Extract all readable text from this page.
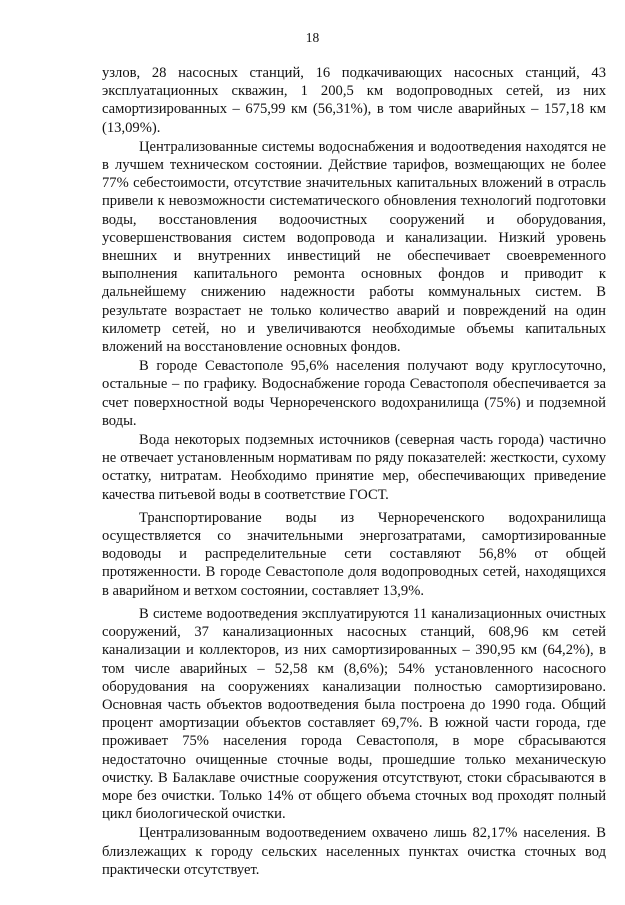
18

узлов, 28 насосных станций, 16 подкачивающих насосных станций, 43 эксплуатационных скважин, 1 200,5 км водопроводных сетей, из них самортизированных – 675,99 км (56,31%), в том числе аварийных – 157,18 км (13,09%).

Централизованные системы водоснабжения и водоотведения находятся не в лучшем техническом состоянии. Действие тарифов, возмещающих не более 77% себестоимости, отсутствие значительных капитальных вложений в отрасль привели к невозможности систематического обновления технологий подготовки воды, восстановления водоочистных сооружений и оборудования, усовершенствования систем водопровода и канализации. Низкий уровень внешних и внутренних инвестиций не обеспечивает своевременного выполнения капитального ремонта основных фондов и приводит к дальнейшему снижению надежности работы коммунальных систем. В результате возрастает не только количество аварий и повреждений на один километр сетей, но и увеличиваются необходимые объемы капитальных вложений на восстановление основных фондов.

В городе Севастополе 95,6% населения получают воду круглосуточно, остальные – по графику. Водоснабжение города Севастополя обеспечивается за счет поверхностной воды Чернореченского водохранилища (75%) и подземной воды.

Вода некоторых подземных источников (северная часть города) частично не отвечает установленным нормативам по ряду показателей: жесткости, сухому остатку, нитратам. Необходимо принятие мер, обеспечивающих приведение качества питьевой воды в соответствие ГОСТ.

Транспортирование воды из Чернореченского водохранилища осуществляется со значительными энергозатратами, самортизированные водоводы и распределительные сети составляют 56,8% от общей протяженности. В городе Севастополе доля водопроводных сетей, находящихся в аварийном и ветхом состоянии, составляет 13,9%.

В системе водоотведения эксплуатируются 11 канализационных очистных сооружений, 37 канализационных насосных станций, 608,96 км сетей канализации и коллекторов, из них самортизированных – 390,95 км (64,2%), в том числе аварийных – 52,58 км (8,6%); 54% установленного насосного оборудования на сооружениях канализации полностью самортизировано. Основная часть объектов водоотведения была построена до 1990 года. Общий процент амортизации объектов составляет 69,7%. В южной части города, где проживает 75% населения города Севастополя, в море сбрасываются недостаточно очищенные сточные воды, прошедшие только механическую очистку. В Балаклаве очистные сооружения отсутствуют, стоки сбрасываются в море без очистки. Только 14% от общего объема сточных вод проходят полный цикл биологической очистки.

Централизованным водоотведением охвачено лишь 82,17% населения. В близлежащих к городу сельских населенных пунктах очистка сточных вод практически отсутствует.
